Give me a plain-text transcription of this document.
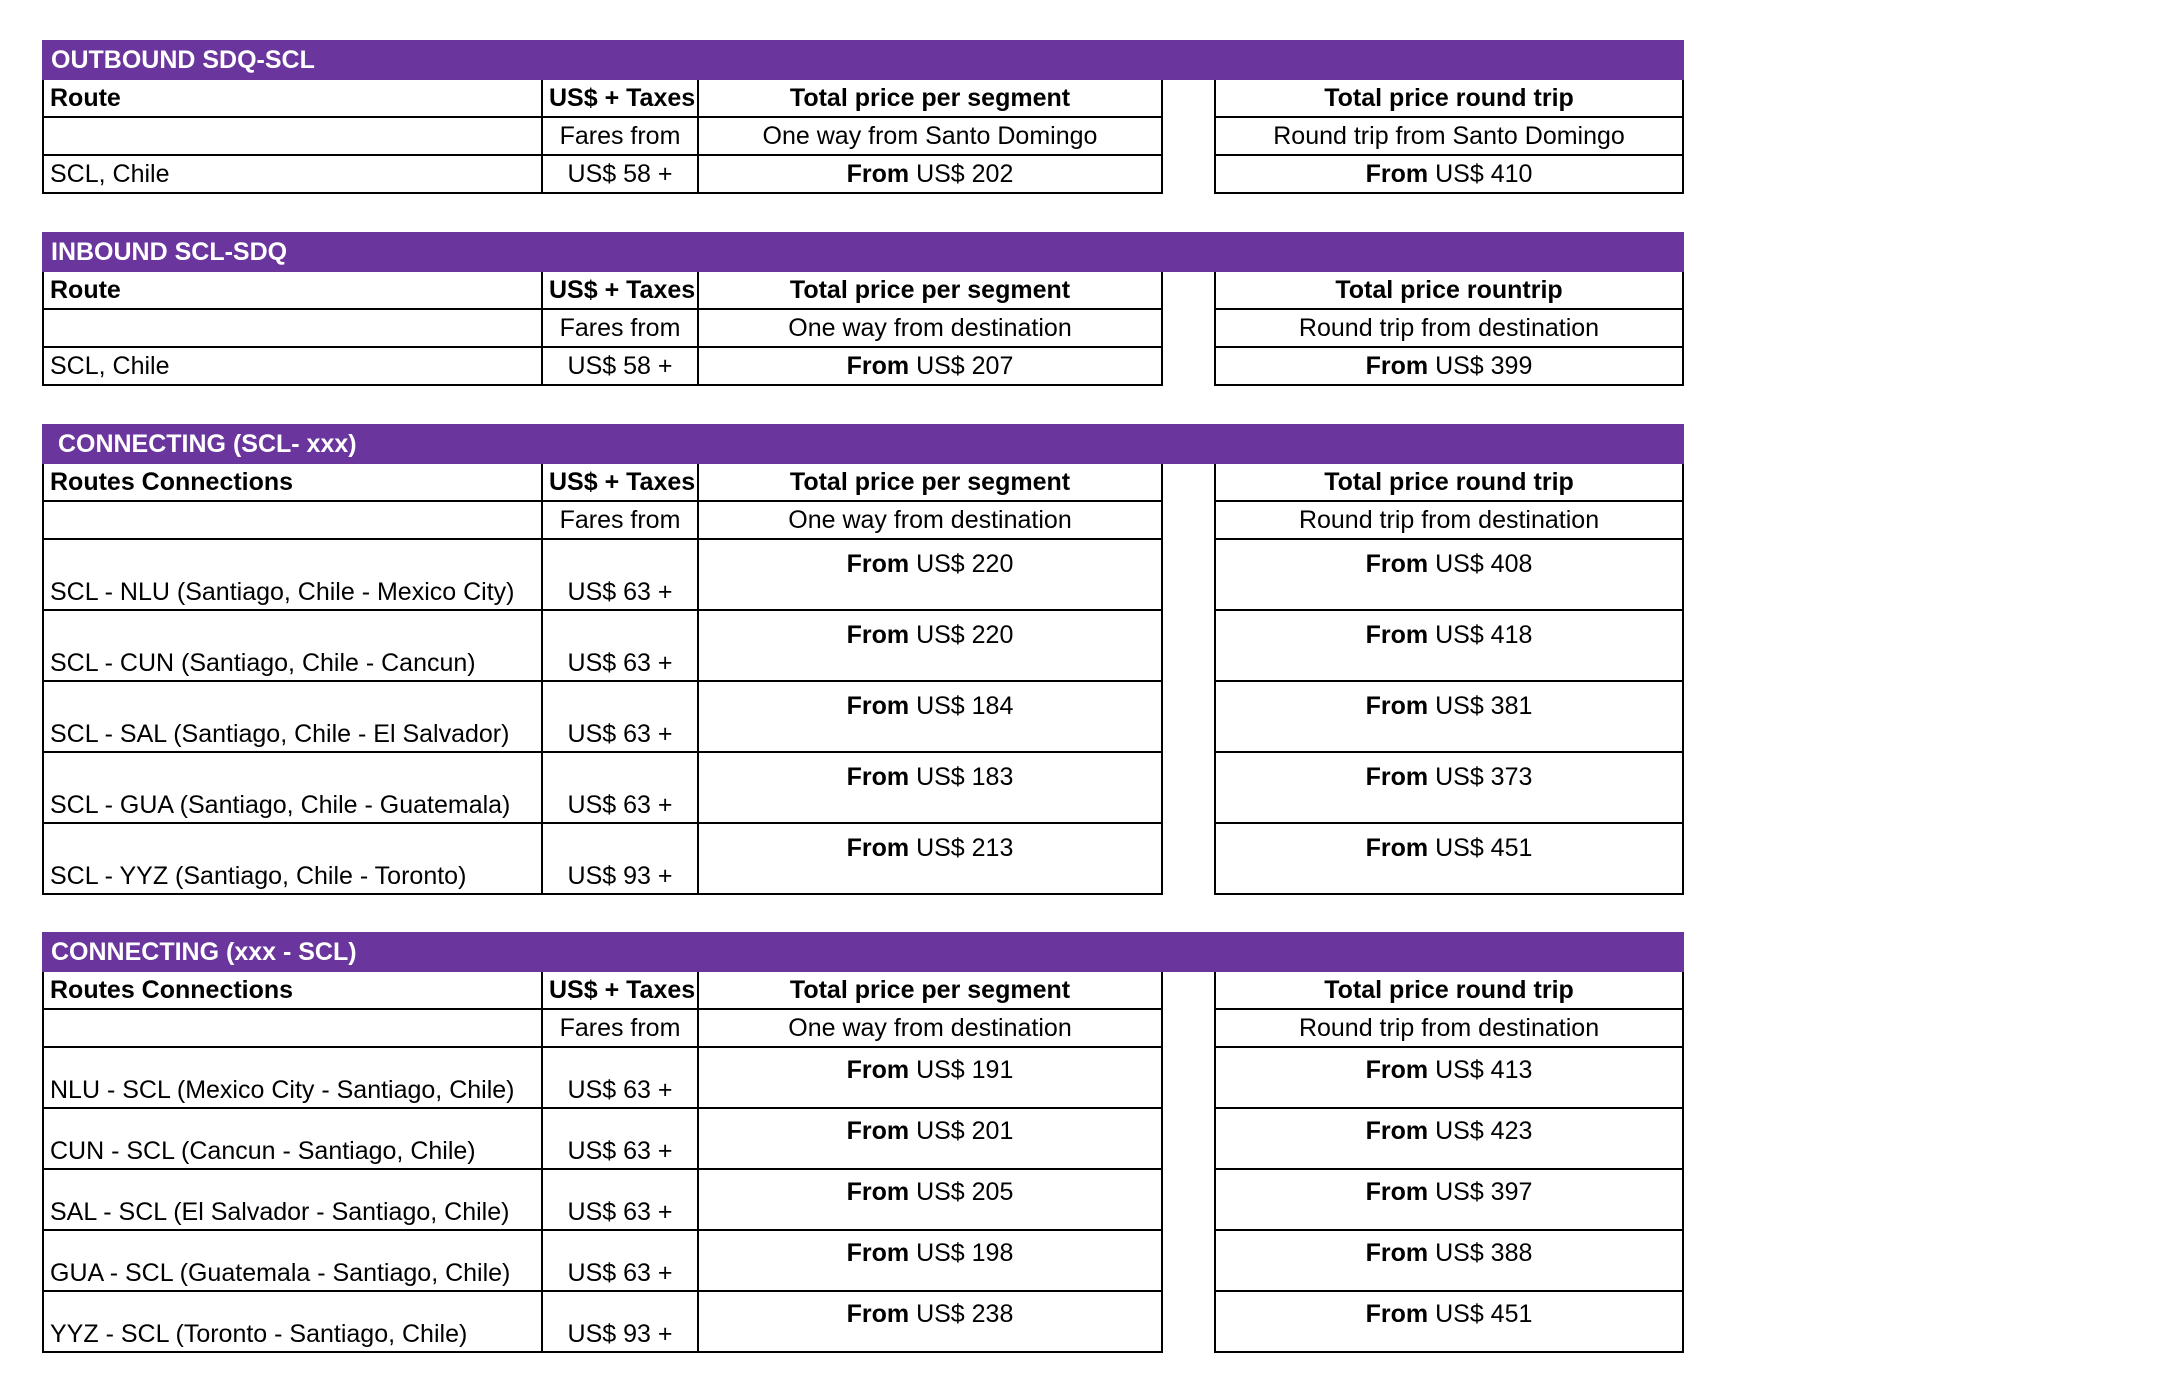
OUTBOUND SDQ-SCL				
Route	US$ + Taxes	Total price per segment		Total price round trip
	Fares from	One way from Santo Domingo		Round trip from Santo Domingo
SCL, Chile	US$ 58 +	From US$ 202		From US$ 410
INBOUND SCL-SDQ				
Route	US$ + Taxes	Total price per segment		Total price rountrip
	Fares from	One way from destination		Round trip from destination
SCL, Chile	US$ 58 +	From US$ 207		From US$ 399
CONNECTING (SCL- xxx)				
Routes Connections	US$ + Taxes	Total price per segment		Total price round trip
	Fares from	One way from destination		Round trip from destination
SCL - NLU (Santiago, Chile - Mexico City)	US$ 63 +	From US$ 220		From US$ 408
SCL - CUN (Santiago, Chile - Cancun)	US$ 63 +	From US$ 220		From US$ 418
SCL - SAL (Santiago, Chile - El Salvador)	US$ 63 +	From US$ 184		From US$ 381
SCL - GUA (Santiago, Chile - Guatemala)	US$ 63 +	From US$ 183		From US$ 373
SCL - YYZ (Santiago, Chile - Toronto)	US$ 93 +	From US$ 213		From US$ 451
CONNECTING (xxx - SCL)				
Routes Connections	US$ + Taxes	Total price per segment		Total price round trip
	Fares from	One way from destination		Round trip from destination
NLU - SCL (Mexico City - Santiago, Chile)	US$ 63 +	From US$ 191		From US$ 413
CUN - SCL (Cancun - Santiago, Chile)	US$ 63 +	From US$ 201		From US$ 423
SAL - SCL (El Salvador - Santiago, Chile)	US$ 63 +	From US$ 205		From US$ 397
GUA - SCL (Guatemala - Santiago, Chile)	US$ 63 +	From US$ 198		From US$ 388
YYZ - SCL (Toronto - Santiago, Chile)	US$ 93 +	From US$ 238		From US$ 451
